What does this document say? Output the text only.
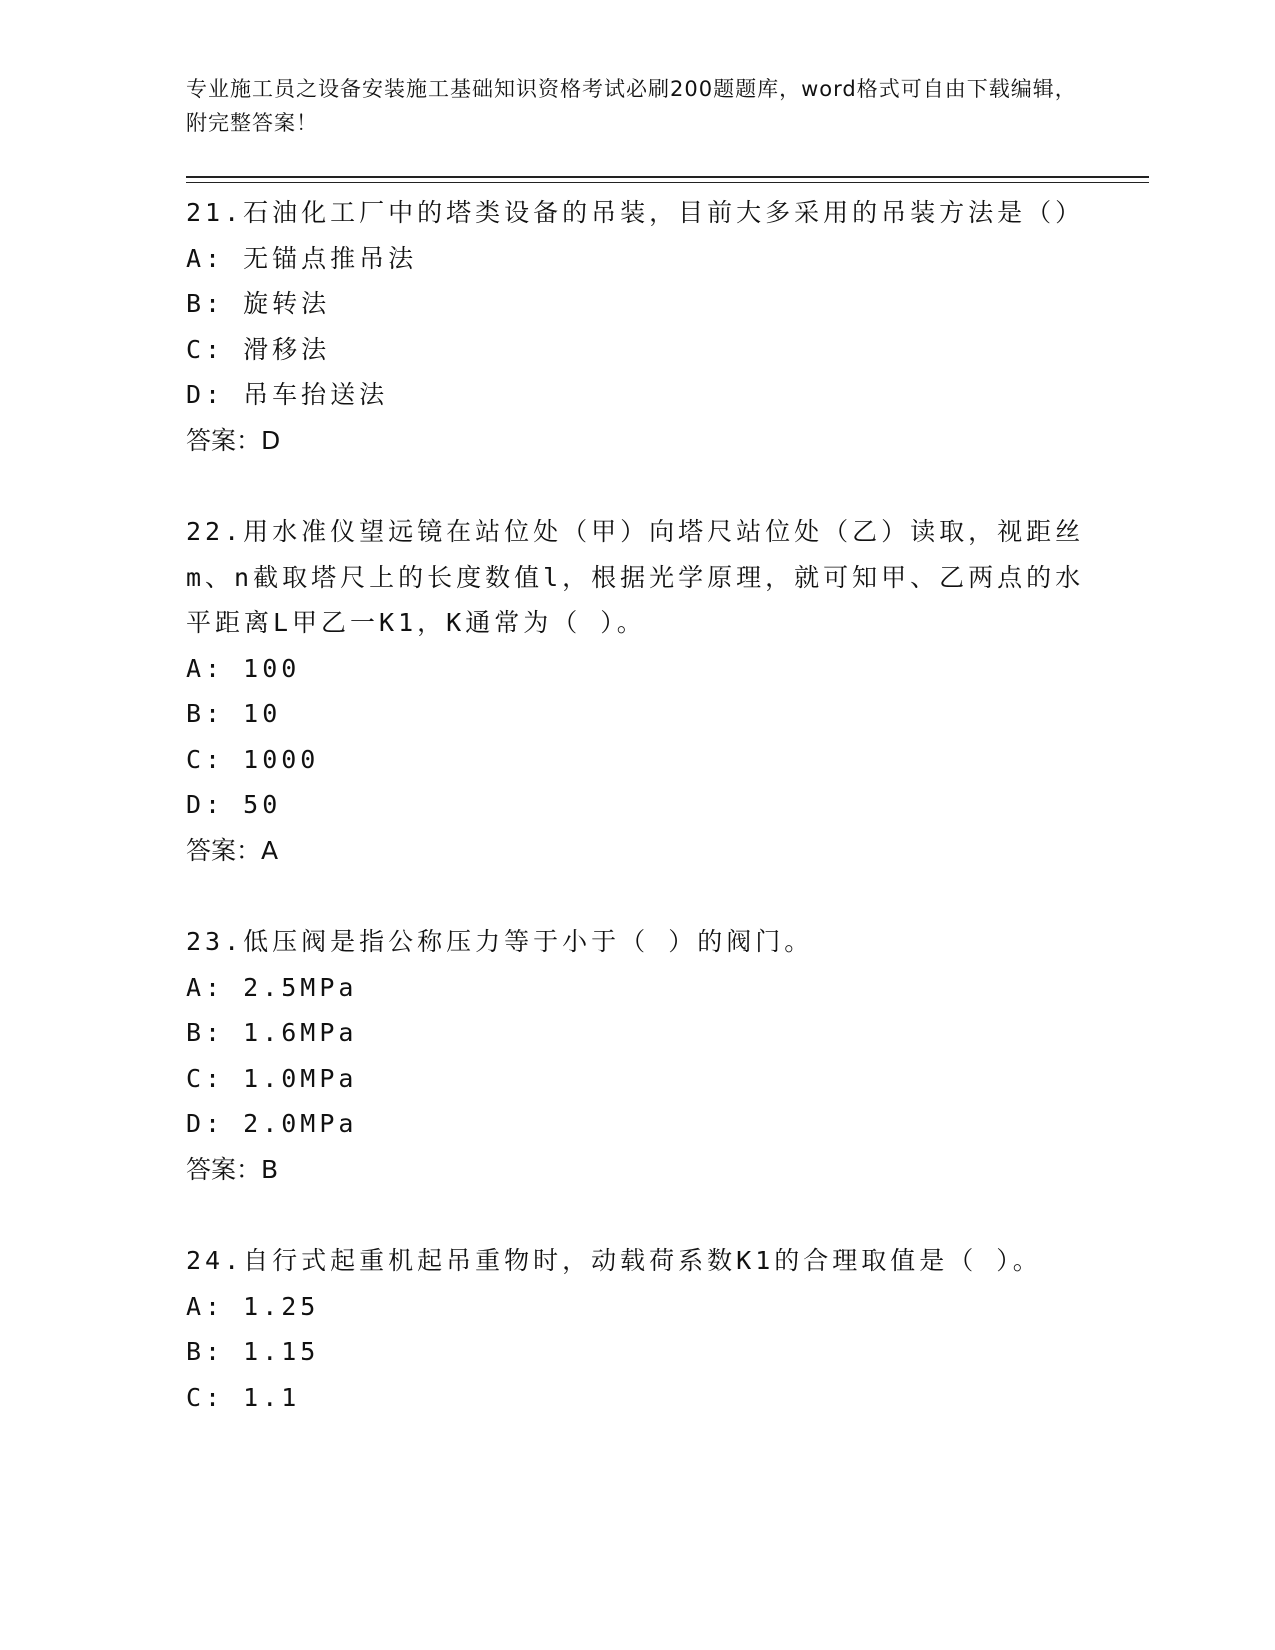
专业施工员之设备安装施工基础知识资格考试必刷200题题库，word格式可自由下载编辑，附完整答案！
21.石油化工厂中的塔类设备的吊装，目前大多采用的吊装方法是（）
A: 无锚点推吊法
B: 旋转法
C: 滑移法
D: 吊车抬送法
答案：D
22.用水准仪望远镜在站位处（甲）向塔尺站位处（乙）读取，视距丝m、n截取塔尺上的长度数值l，根据光学原理，就可知甲、乙两点的水平距离L甲乙一K1，K通常为（ ）。
A: 100
B: 10
C: 1000
D: 50
答案：A
23.低压阀是指公称压力等于小于（ ）的阀门。
A: 2.5MPa
B: 1.6MPa
C: 1.0MPa
D: 2.0MPa
答案：B
24.自行式起重机起吊重物时，动载荷系数K1的合理取值是（ ）。
A: 1.25
B: 1.15
C: 1.1
